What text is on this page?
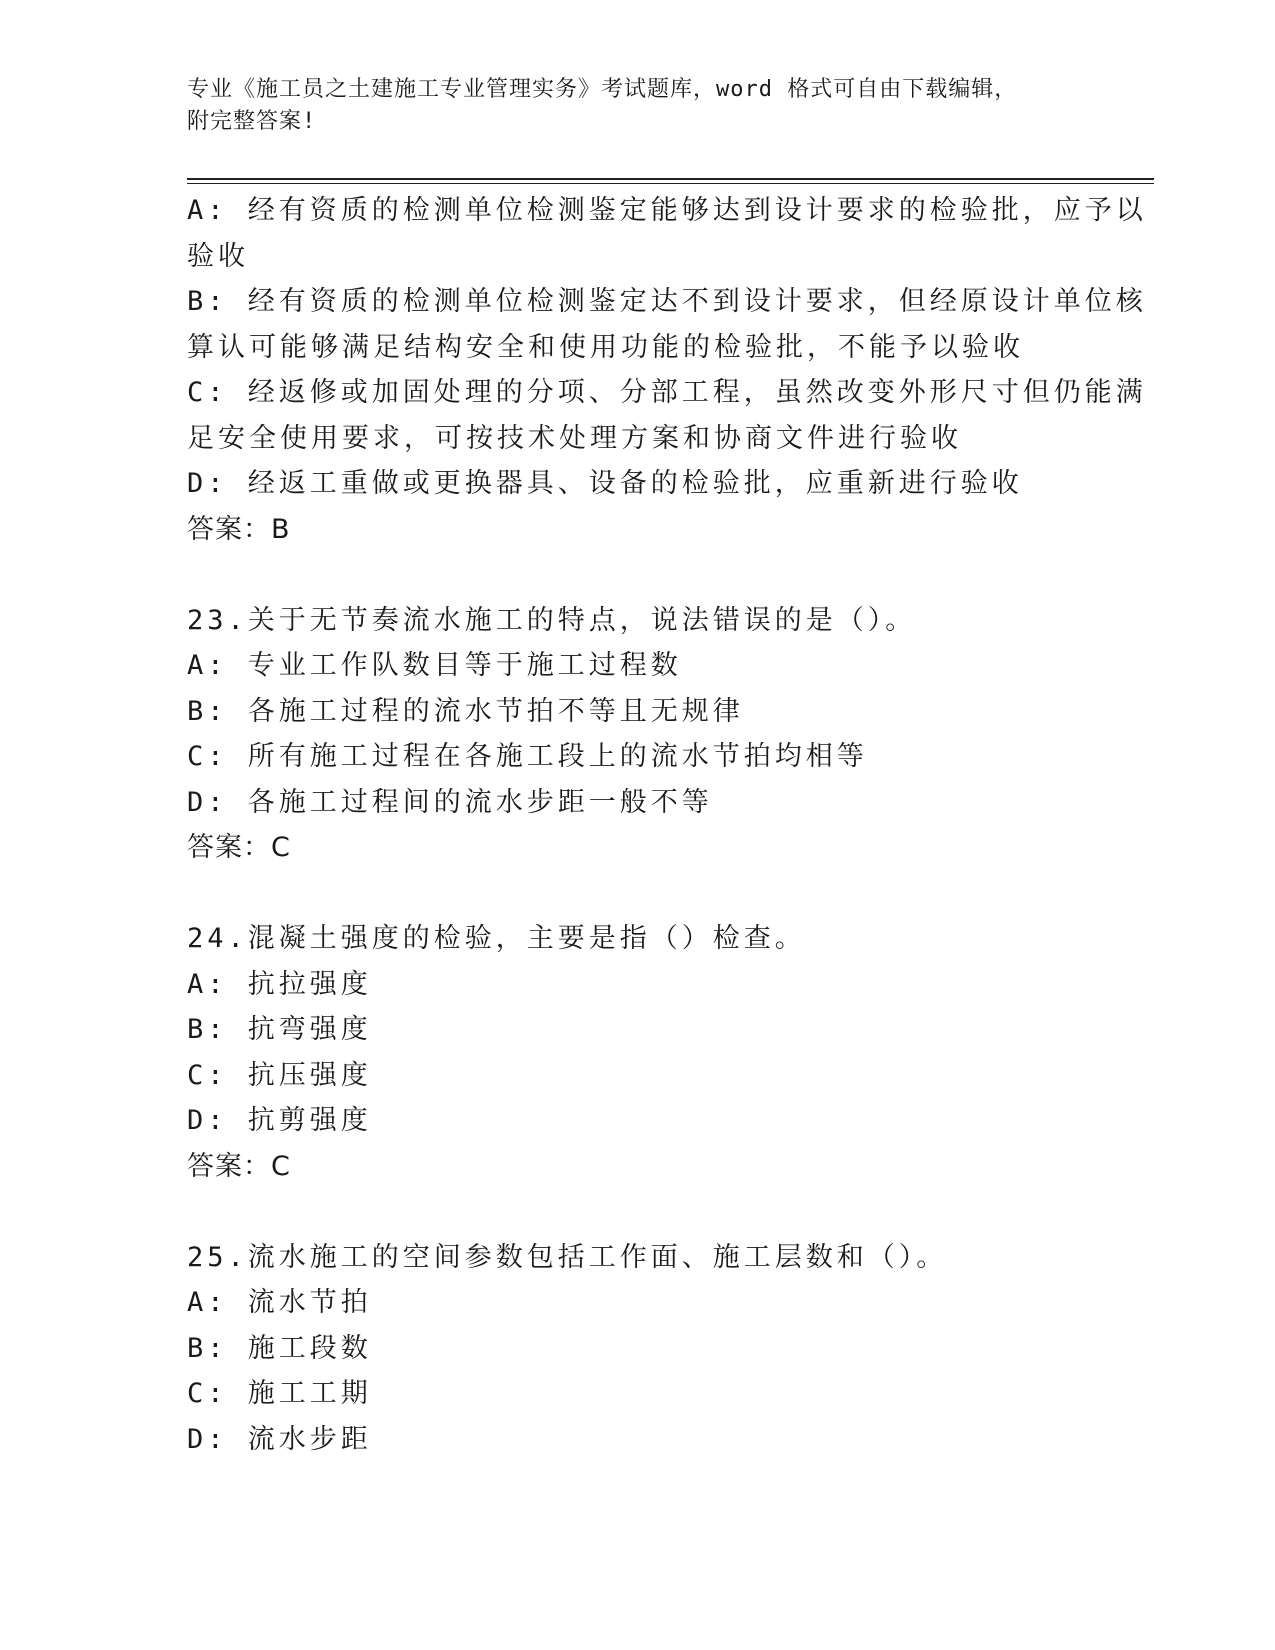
专业《施工员之土建施工专业管理实务》考试题库，word 格式可自由下载编辑，
附完整答案!
A: 经有资质的检测单位检测鉴定能够达到设计要求的检验批，应予以
验收
B: 经有资质的检测单位检测鉴定达不到设计要求，但经原设计单位核
算认可能够满足结构安全和使用功能的检验批，不能予以验收
C: 经返修或加固处理的分项、分部工程，虽然改变外形尺寸但仍能满
足安全使用要求，可按技术处理方案和协商文件进行验收
D: 经返工重做或更换器具、设备的检验批，应重新进行验收
答案：B
23.关于无节奏流水施工的特点，说法错误的是（）。
A: 专业工作队数目等于施工过程数
B: 各施工过程的流水节拍不等且无规律
C: 所有施工过程在各施工段上的流水节拍均相等
D: 各施工过程间的流水步距一般不等
答案：C
24.混凝土强度的检验，主要是指（）检查。
A: 抗拉强度
B: 抗弯强度
C: 抗压强度
D: 抗剪强度
答案：C
25.流水施工的空间参数包括工作面、施工层数和（）。
A: 流水节拍
B: 施工段数
C: 施工工期
D: 流水步距
